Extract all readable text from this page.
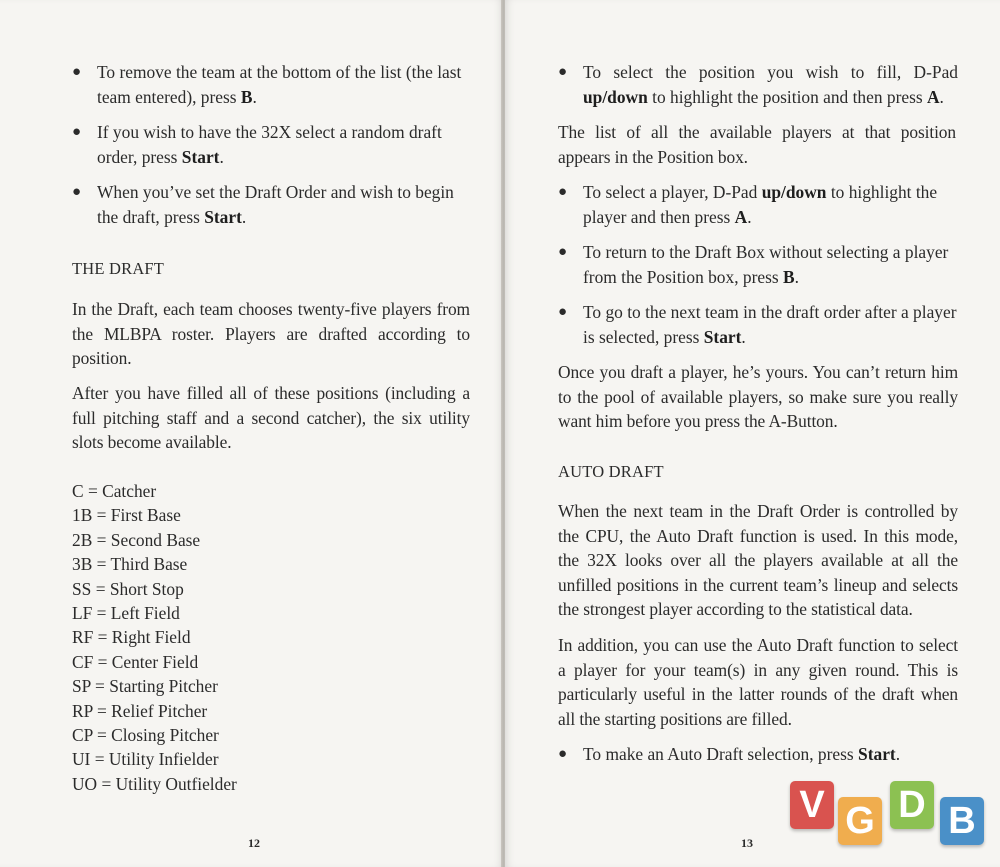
● To remove the team at the bottom of the list (the last team entered), press B.
● If you wish to have the 32X select a random draft order, press Start.
● When you’ve set the Draft Order and wish to begin the draft, press Start.
THE DRAFT
In the Draft, each team chooses twenty-five players from the MLBPA roster. Players are drafted according to position.
After you have filled all of these positions (including a full pitching staff and a second catcher), the six utility slots become available.
C = Catcher
1B = First Base
2B = Second Base
3B = Third Base
SS = Short Stop
LF = Left Field
RF = Right Field
CF = Center Field
SP = Starting Pitcher
RP = Relief Pitcher
CP = Closing Pitcher
UI = Utility Infielder
UO = Utility Outfielder
12
● To select the position you wish to fill, D-Pad up/down to highlight the position and then press A.
The list of all the available players at that position appears in the Position box.
● To select a player, D-Pad up/down to highlight the player and then press A.
● To return to the Draft Box without selecting a player from the Position box, press B.
● To go to the next team in the draft order after a player is selected, press Start.
Once you draft a player, he’s yours. You can’t return him to the pool of available players, so make sure you really want him before you press the A-Button.
AUTO DRAFT
When the next team in the Draft Order is controlled by the CPU, the Auto Draft function is used. In this mode, the 32X looks over all the players available at all the unfilled positions in the current team’s lineup and selects the strongest player according to the statistical data.
In addition, you can use the Auto Draft function to select a player for your team(s) in any given round. This is particularly useful in the latter rounds of the draft when all the starting positions are filled.
● To make an Auto Draft selection, press Start.
13
V G D B
